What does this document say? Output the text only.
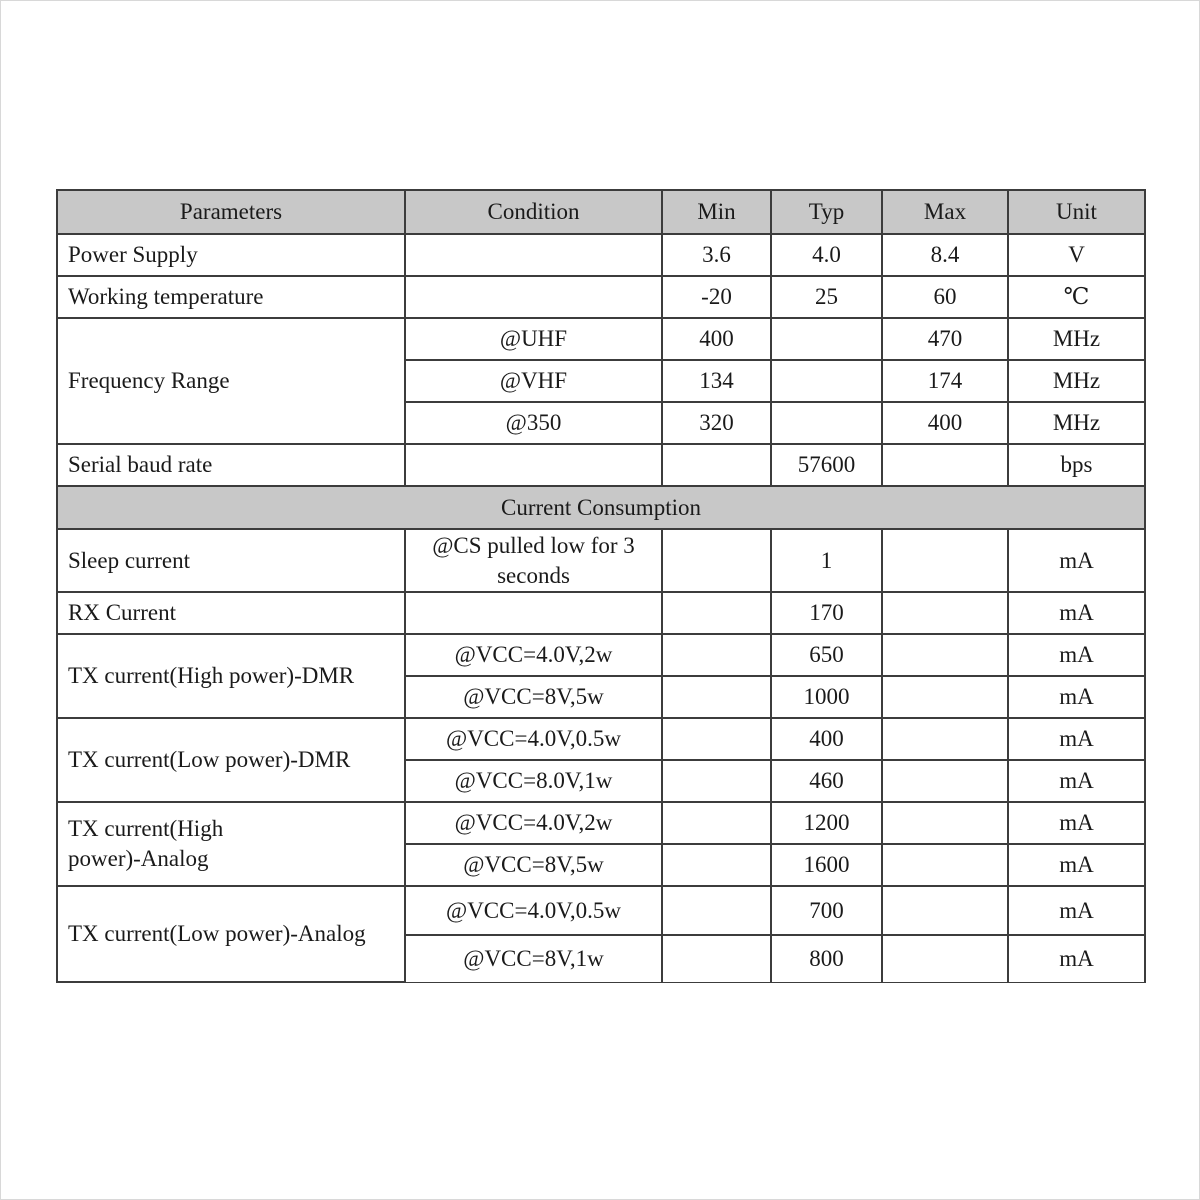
Parameters	Condition	Min	Typ	Max	Unit
Power Supply		3.6	4.0	8.4	V
Working temperature		-20	25	60	℃
Frequency Range	@UHF	400		470	MHz
	@VHF	134		174	MHz
	@350	320		400	MHz
Serial baud rate			57600		bps
Current Consumption					
Sleep current	@CS pulled low for 3 seconds		1		mA
RX Current			170		mA
TX current(High power)-DMR	@VCC=4.0V,2w		650		mA
	@VCC=8V,5w		1000		mA
TX current(Low power)-DMR	@VCC=4.0V,0.5w		400		mA
	@VCC=8.0V,1w		460		mA
TX current(High
power)-Analog	@VCC=4.0V,2w		1200		mA
	@VCC=8V,5w		1600		mA
TX current(Low power)-Analog	@VCC=4.0V,0.5w		700		mA
	@VCC=8V,1w		800		mA
